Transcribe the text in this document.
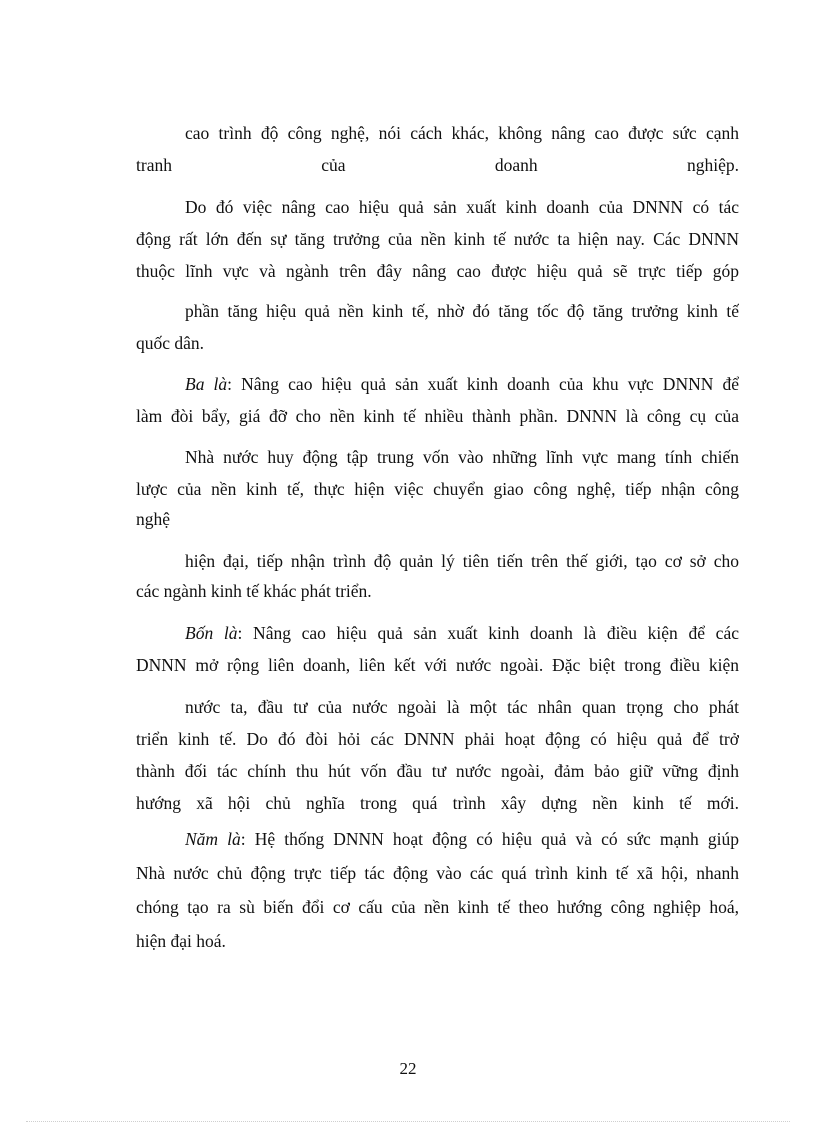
cao trình độ công nghệ, nói cách khác, không nâng cao được sức cạnh
tranh	của	doanh	nghiệp.
Do đó việc nâng cao hiệu quả sản xuất kinh doanh của DNNN có tác
động rất lớn đến sự tăng trưởng của nền kinh tế nước ta hiện nay. Các DNNN
thuộc lĩnh vực và ngành trên đây nâng cao được hiệu quả sẽ trực tiếp góp
phần tăng hiệu quả nền kinh tế, nhờ đó tăng tốc độ tăng trưởng kinh tế
quốc dân.
Ba là: Nâng cao hiệu quả sản xuất kinh doanh của khu vực DNNN để
làm đòi bẩy, giá đỡ cho nền kinh tế nhiều thành phần. DNNN là công cụ của
Nhà nước huy động tập trung vốn vào những lĩnh vực mang tính chiến
lược của nền kinh tế, thực hiện việc chuyển giao công nghệ, tiếp nhận công
nghệ
hiện đại, tiếp nhận trình độ quản lý tiên tiến trên thế giới, tạo cơ sở cho
các ngành kinh tế khác phát triển.
Bốn là: Nâng cao hiệu quả sản xuất kinh doanh là điều kiện để các
DNNN mở rộng liên doanh, liên kết với nước ngoài. Đặc biệt trong điều kiện
nước ta, đầu tư của nước ngoài là một tác nhân quan trọng cho phát
triển kinh tế. Do đó đòi hỏi các DNNN phải hoạt động có hiệu quả để trở
thành đối tác chính thu hút vốn đầu tư nước ngoài, đảm bảo giữ vững định
hướng xã hội chủ nghĩa trong quá trình xây dựng nền kinh tế mới.
Năm là: Hệ thống DNNN hoạt động có hiệu quả và có sức mạnh giúp
Nhà nước chủ động trực tiếp tác động vào các quá trình kinh tế xã hội, nhanh
chóng tạo ra sù biến đổi cơ cấu của nền kinh tế theo hướng công nghiệp hoá,
hiện đại hoá.
22
